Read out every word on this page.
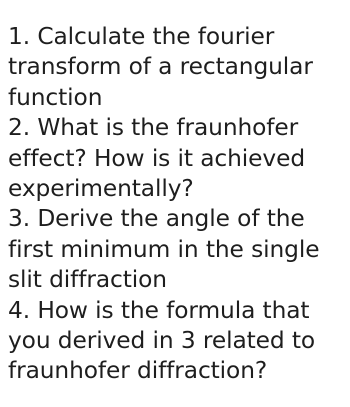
1. Calculate the fourier transform of a rectangular function

2. What is the fraunhofer effect? How is it achieved experimentally?

3. Derive the angle of the first minimum in the single slit diffraction

4. How is the formula that you derived in 3 related to fraunhofer diffraction?
